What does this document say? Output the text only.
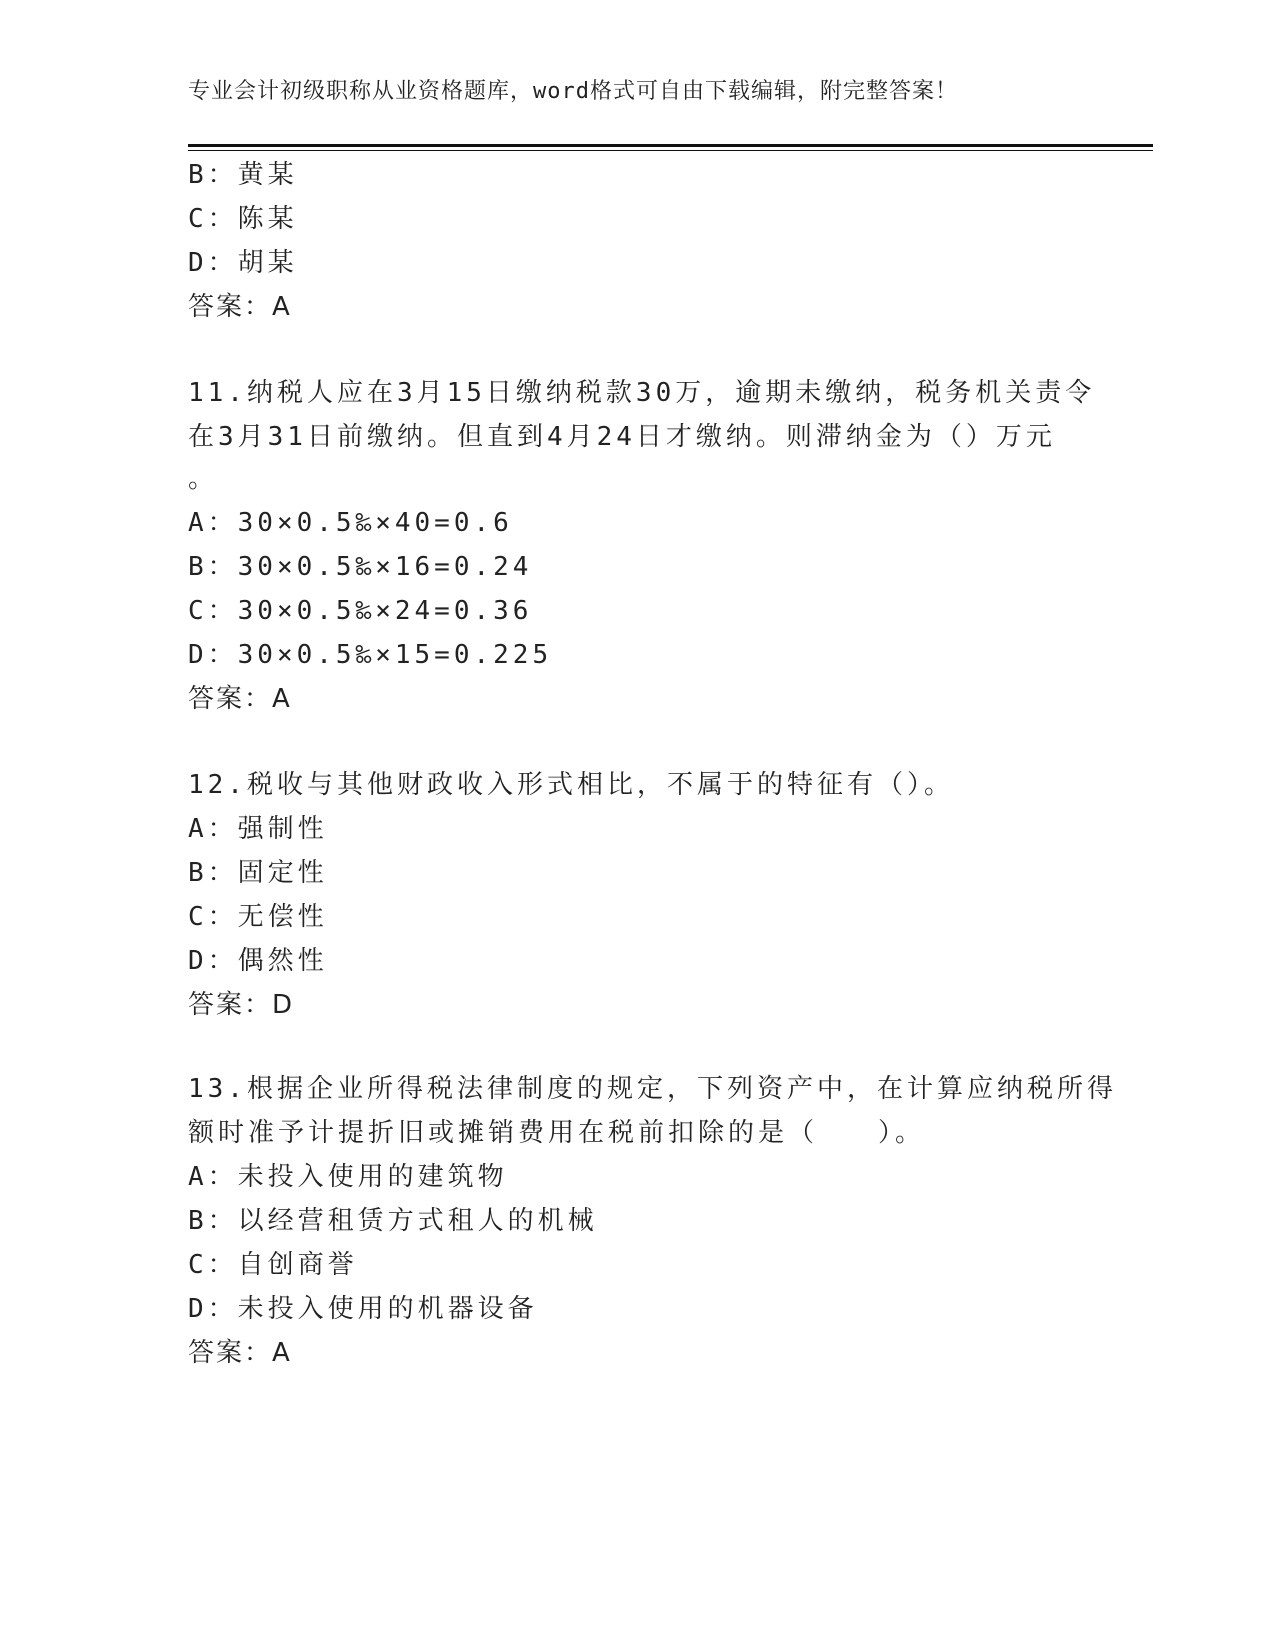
专业会计初级职称从业资格题库，word格式可自由下载编辑，附完整答案！
B：黄某
C：陈某
D：胡某
答案：A
11.纳税人应在3月15日缴纳税款30万，逾期未缴纳，税务机关责令
在3月31日前缴纳。但直到4月24日才缴纳。则滞纳金为（）万元
。
A：30×0.5‰×40=0.6
B：30×0.5‰×16=0.24
C：30×0.5‰×24=0.36
D：30×0.5‰×15=0.225
答案：A
12.税收与其他财政收入形式相比，不属于的特征有（）。
A：强制性
B：固定性
C：无偿性
D：偶然性
答案：D
13.根据企业所得税法律制度的规定，下列资产中，在计算应纳税所得
额时准予计提折旧或摊销费用在税前扣除的是（　　）。
A：未投入使用的建筑物
B：以经营租赁方式租人的机械
C：自创商誉
D：未投入使用的机器设备
答案：A
